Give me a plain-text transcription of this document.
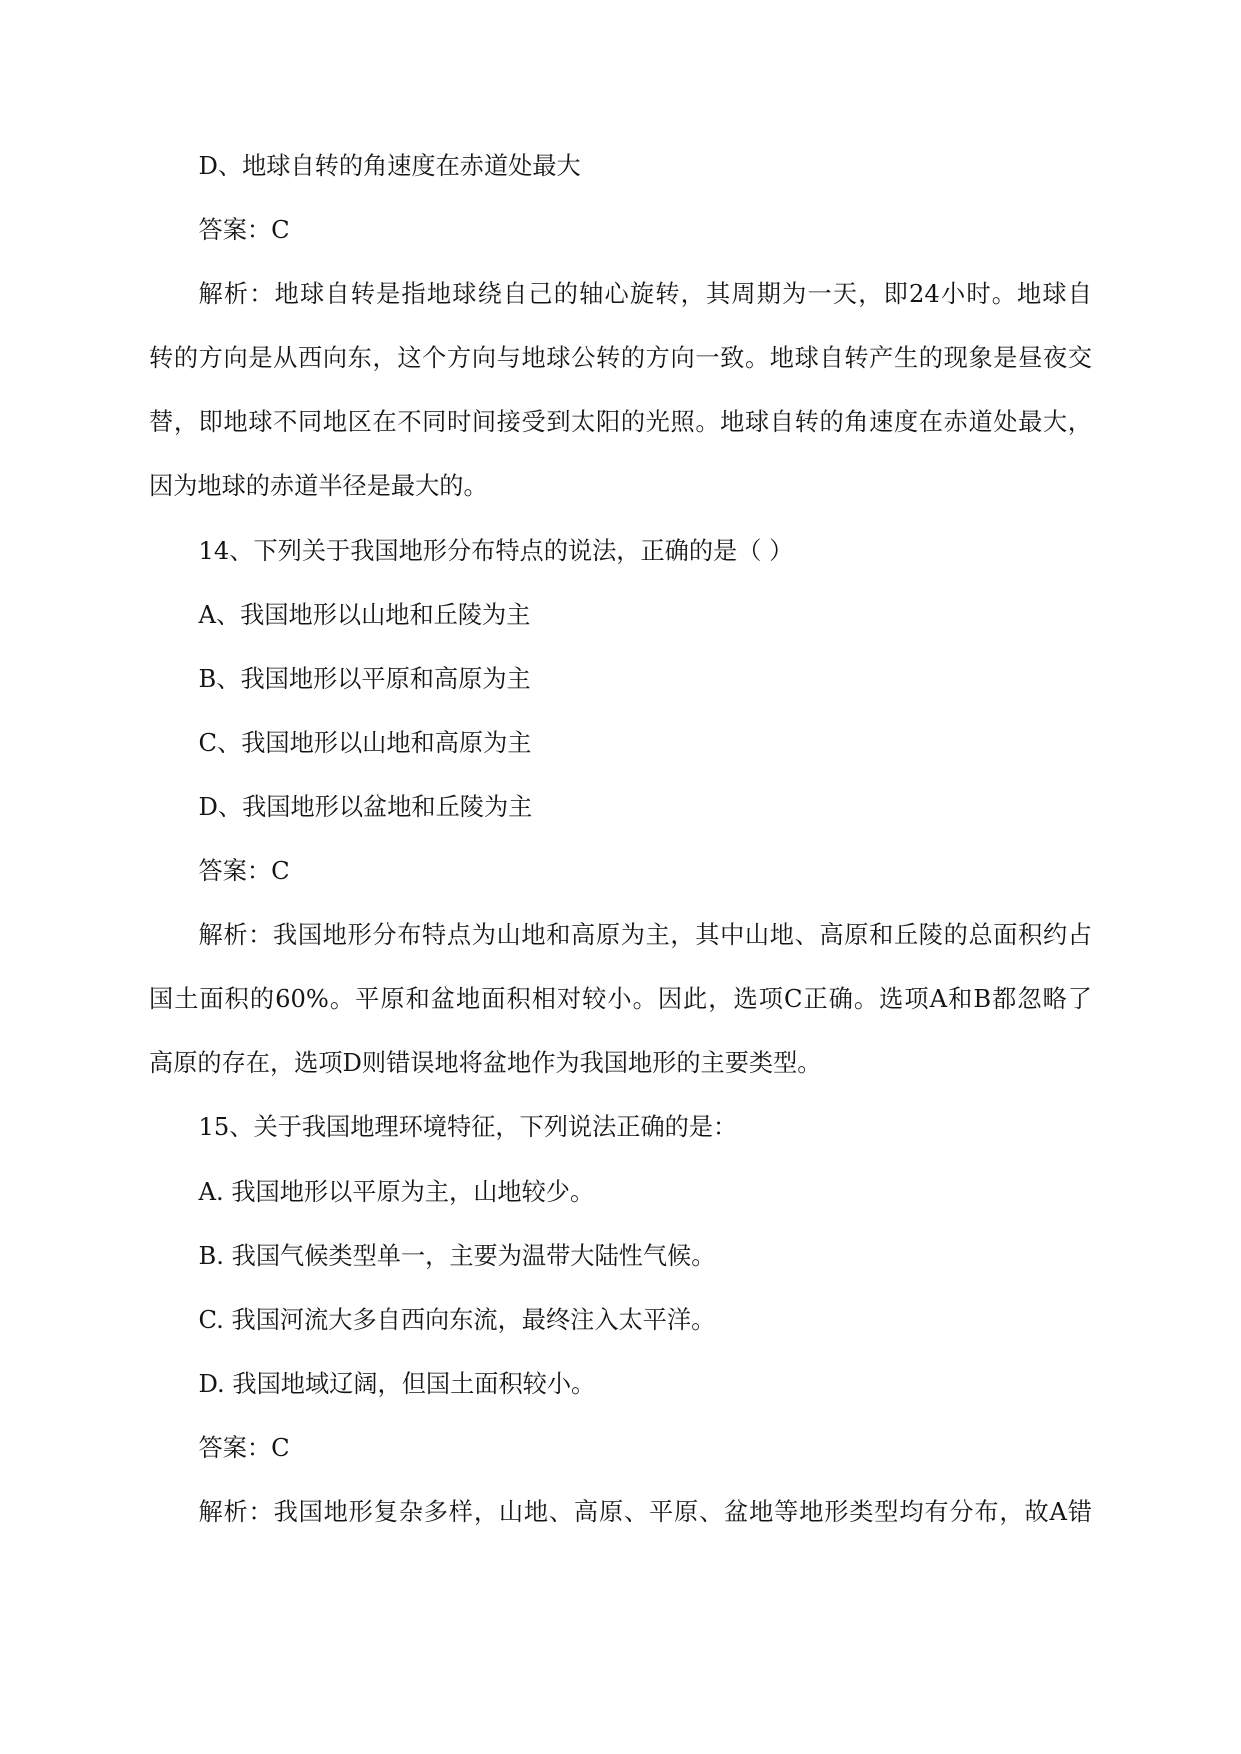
D、地球自转的角速度在赤道处最大
答案：C
解析：地球自转是指地球绕自己的轴心旋转，其周期为一天，即24小时。地球自
转的方向是从西向东，这个方向与地球公转的方向一致。地球自转产生的现象是昼夜交
替，即地球不同地区在不同时间接受到太阳的光照。地球自转的角速度在赤道处最大，
因为地球的赤道半径是最大的。
14、下列关于我国地形分布特点的说法，正确的是（ ）
A、我国地形以山地和丘陵为主
B、我国地形以平原和高原为主
C、我国地形以山地和高原为主
D、我国地形以盆地和丘陵为主
答案：C
解析：我国地形分布特点为山地和高原为主，其中山地、高原和丘陵的总面积约占
国土面积的60%。平原和盆地面积相对较小。因此，选项C正确。选项A和B都忽略了
高原的存在，选项D则错误地将盆地作为我国地形的主要类型。
15、关于我国地理环境特征，下列说法正确的是：
A. 我国地形以平原为主，山地较少。
B. 我国气候类型单一，主要为温带大陆性气候。
C. 我国河流大多自西向东流，最终注入太平洋。
D. 我国地域辽阔，但国土面积较小。
答案：C
解析：我国地形复杂多样，山地、高原、平原、盆地等地形类型均有分布，故A错
